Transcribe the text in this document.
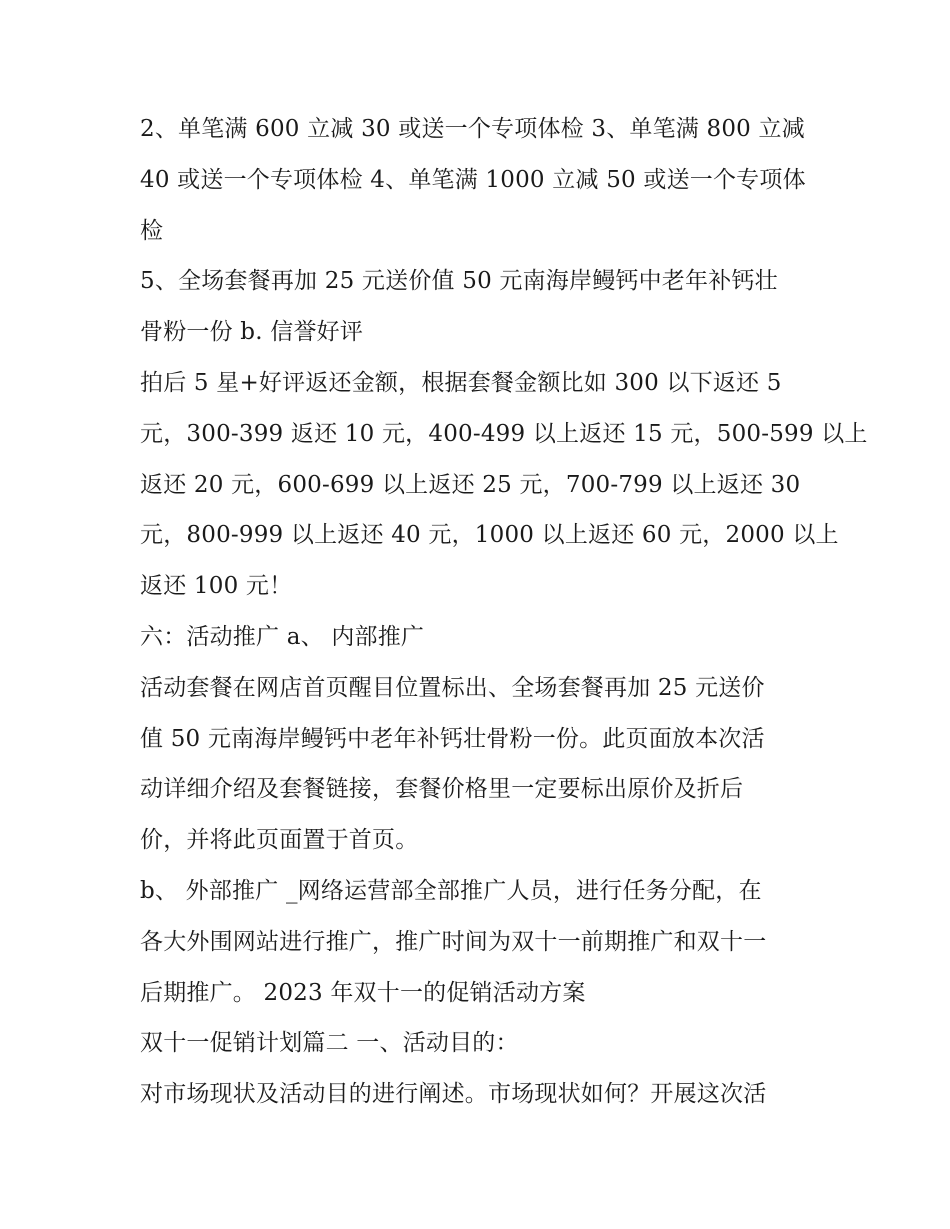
2、单笔满 600 立减 30 或送一个专项体检 3、单笔满 800 立减
40 或送一个专项体检 4、单笔满 1000 立减 50 或送一个专项体
检
5、全场套餐再加 25 元送价值 50 元南海岸鳗钙中老年补钙壮
骨粉一份 b. 信誉好评
拍后 5 星+好评返还金额，根据套餐金额比如 300 以下返还 5
元，300-399 返还 10 元，400-499 以上返还 15 元，500-599 以上
返还 20 元，600-699 以上返还 25 元，700-799 以上返还 30
元，800-999 以上返还 40 元，1000 以上返还 60 元，2000 以上
返还 100 元！
六：活动推广 a、 内部推广
活动套餐在网店首页醒目位置标出、全场套餐再加 25 元送价
值 50 元南海岸鳗钙中老年补钙壮骨粉一份。此页面放本次活
动详细介绍及套餐链接，套餐价格里一定要标出原价及折后
价，并将此页面置于首页。
b、 外部推广 _网络运营部全部推广人员，进行任务分配，在
各大外围网站进行推广，推广时间为双十一前期推广和双十一
后期推广。 2023 年双十一的促销活动方案
双十一促销计划篇二 一、活动目的：
对市场现状及活动目的进行阐述。市场现状如何？开展这次活
